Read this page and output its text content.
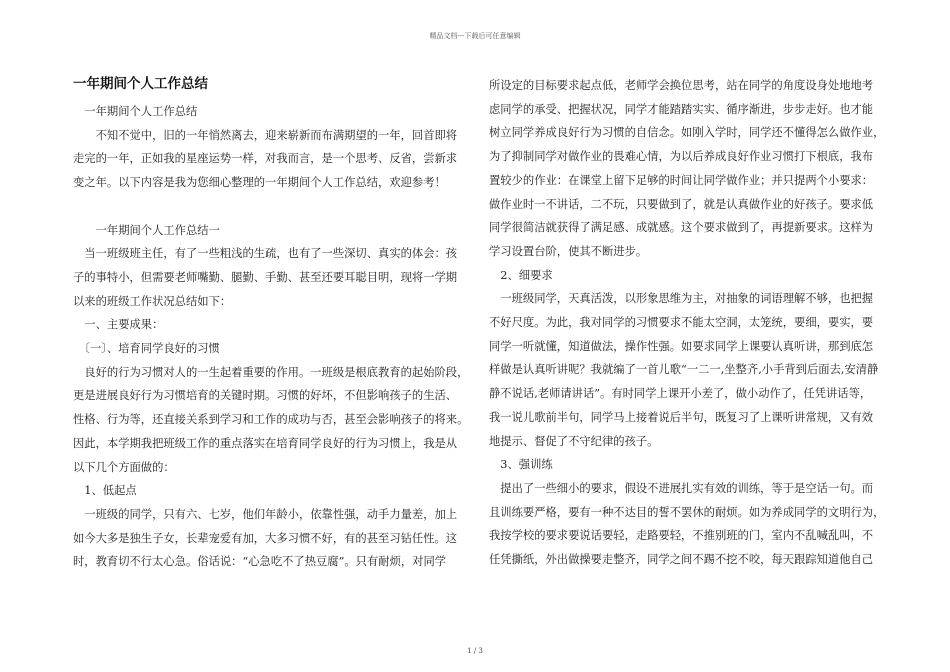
精品文档---下载后可任意编辑
一年期间个人工作总结

　一年期间个人工作总结

　　不知不觉中，旧的一年悄然离去，迎来崭新而布满期望的一年，回首即将

走完的一年，正如我的星座运势一样，对我而言，是一个思考、反省，尝新求

变之年。以下内容是我为您细心整理的一年期间个人工作总结，欢迎参考！

　　一年期间个人工作总结一

　当一班级班主任，有了一些粗浅的生疏，也有了一些深切、真实的体会：孩

子的事特小，但需要老师嘴勤、腿勤、手勤、甚至还要耳聪目明，现将一学期

以来的班级工作状况总结如下：

　一、主要成果：

　〔一〕、培育同学良好的习惯

　良好的行为习惯对人的一生起着重要的作用。一班级是根底教育的起始阶段，

更是进展良好行为习惯培育的关键时期。习惯的好坏，不但影响孩子的生活、

性格、行为等，还直接关系到学习和工作的成功与否，甚至会影响孩子的将来。

因此，本学期我把班级工作的重点落实在培育同学良好的行为习惯上，我是从

以下几个方面做的：

　1、低起点

　一班级的同学，只有六、七岁，他们年龄小，依靠性强，动手力量差，加上

如今大多是独生子女，长辈宠爱有加，大多习惯不好，有的甚至习钻任性。这

时，教育切不行太心急。俗话说：“心急吃不了热豆腐”。只有耐烦，对同学

所设定的目标要求起点低，老师学会换位思考，站在同学的角度设身处地地考

虑同学的承受、把握状况，同学才能踏踏实实、循序渐进，步步走好。也才能

树立同学养成良好行为习惯的自信念。如刚入学时，同学还不懂得怎么做作业，

为了抑制同学对做作业的畏难心情，为以后养成良好作业习惯打下根底，我布

置较少的作业：在课堂上留下足够的时间让同学做作业；并只提两个小要求：

做作业时一不讲话，二不玩，只要做到了，就是认真做作业的好孩子。要求低

同学很简洁就获得了满足感、成就感。这个要求做到了，再提新要求。这样为

学习设置台阶，使其不断进步。

　2、细要求

　一班级同学，天真活泼，以形象思维为主，对抽象的词语理解不够，也把握

不好尺度。为此，我对同学的习惯要求不能太空洞，太笼统，要细，要实，要

同学一听就懂，知道做法，操作性强。如要求同学上课要认真听讲，那到底怎

样做是认真听讲呢？我就编了一首儿歌“一二一,坐整齐,小手背到后面去,安清静

静不说话,老师请讲话”。有时同学上课开小差了，做小动作了，任凭讲话等，

我一说儿歌前半句，同学马上接着说后半句，既复习了上课听讲常规，又有效

地提示、督促了不守纪律的孩子。

　3、强训练

　提出了一些细小的要求，假设不进展扎实有效的训练，等于是空话一句。而

且训练要严格，要有一种不达目的誓不罢休的耐烦。如为养成同学的文明行为，

我按学校的要求要说话要轻，走路要轻，不推别班的门，室内不乱喊乱叫，不

任凭撕纸，外出做操要走整齐，同学之间不踢不挖不咬，每天跟踪知道他自己

1 / 3
